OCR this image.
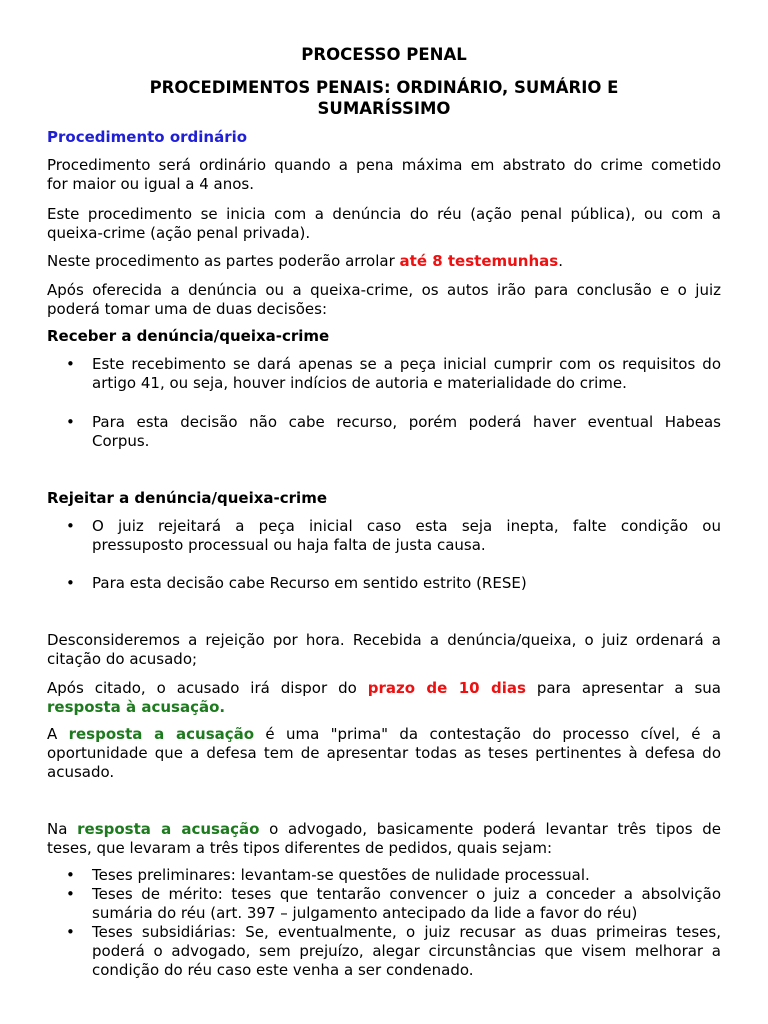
PROCESSO PENAL
PROCEDIMENTOS PENAIS: ORDINÁRIO, SUMÁRIO E
SUMARÍSSIMO
Procedimento ordinário
Procedimento será ordinário quando a pena máxima em abstrato do crime cometido
for maior ou igual a 4 anos.
Este procedimento se inicia com a denúncia do réu (ação penal pública), ou com a
queixa-crime (ação penal privada).
Neste procedimento as partes poderão arrolar até 8 testemunhas.
Após oferecida a denúncia ou a queixa-crime, os autos irão para conclusão e o juiz
poderá tomar uma de duas decisões:
Receber a denúncia/queixa-crime
• Este recebimento se dará apenas se a peça inicial cumprir com os requisitos do
artigo 41, ou seja, houver indícios de autoria e materialidade do crime.
• Para esta decisão não cabe recurso, porém poderá haver eventual Habeas
Corpus.
Rejeitar a denúncia/queixa-crime
• O juiz rejeitará a peça inicial caso esta seja inepta, falte condição ou
pressuposto processual ou haja falta de justa causa.
• Para esta decisão cabe Recurso em sentido estrito (RESE)
Desconsideremos a rejeição por hora. Recebida a denúncia/queixa, o juiz ordenará a
citação do acusado;
Após citado, o acusado irá dispor do prazo de 10 dias para apresentar a sua
resposta à acusação.
A resposta a acusação é uma "prima" da contestação do processo cível, é a
oportunidade que a defesa tem de apresentar todas as teses pertinentes à defesa do
acusado.
Na resposta a acusação o advogado, basicamente poderá levantar três tipos de
teses, que levaram a três tipos diferentes de pedidos, quais sejam:
• Teses preliminares: levantam-se questões de nulidade processual.
• Teses de mérito: teses que tentarão convencer o juiz a conceder a absolvição
sumária do réu (art. 397 – julgamento antecipado da lide a favor do réu)
• Teses subsidiárias: Se, eventualmente, o juiz recusar as duas primeiras teses,
poderá o advogado, sem prejuízo, alegar circunstâncias que visem melhorar a
condição do réu caso este venha a ser condenado.
